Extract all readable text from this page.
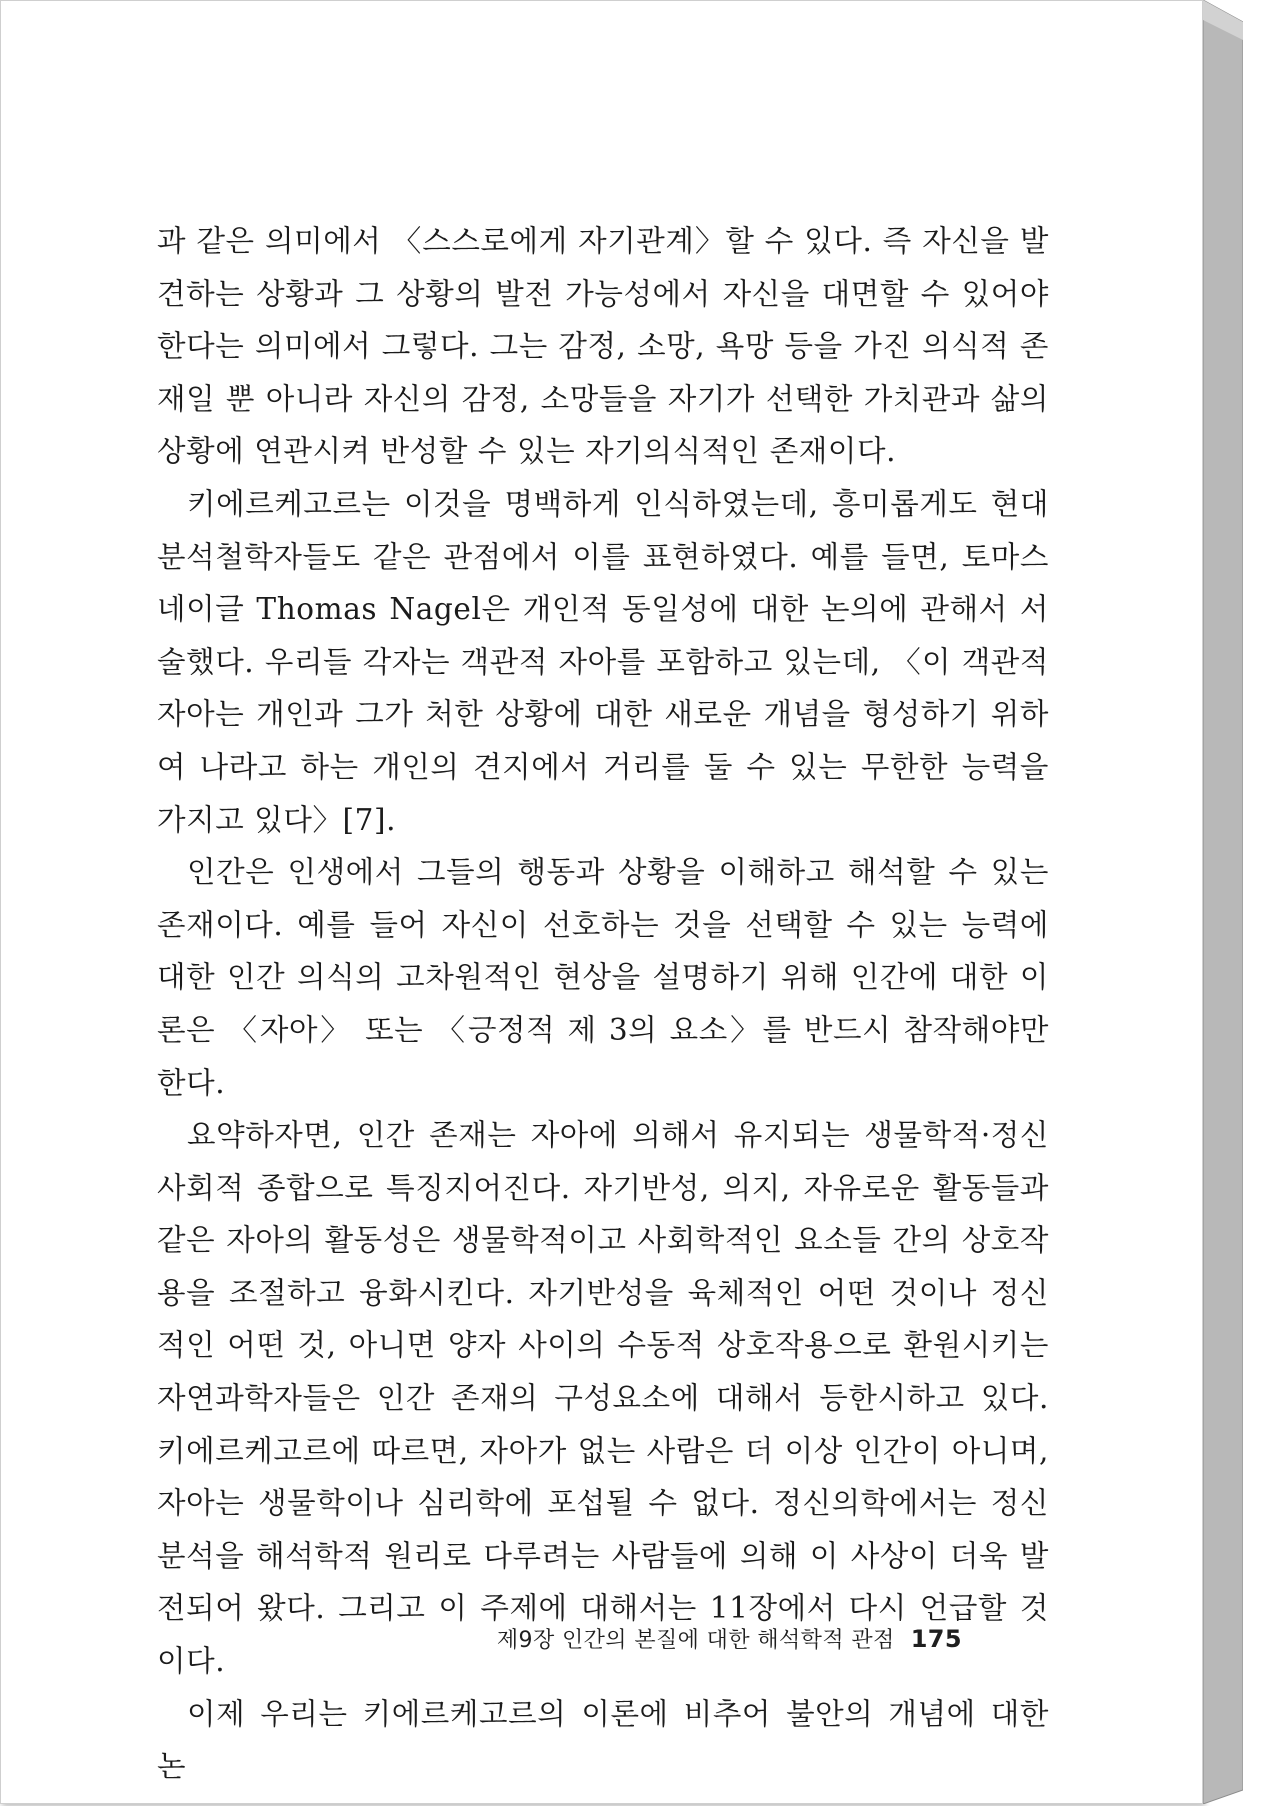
과 같은 의미에서 〈스스로에게 자기관계〉할 수 있다. 즉 자신을 발견하는 상황과 그 상황의 발전 가능성에서 자신을 대면할 수 있어야 한다는 의미에서 그렇다. 그는 감정, 소망, 욕망 등을 가진 의식적 존재일 뿐 아니라 자신의 감정, 소망들을 자기가 선택한 가치관과 삶의 상황에 연관시켜 반성할 수 있는 자기의식적인 존재이다.

키에르케고르는 이것을 명백하게 인식하였는데, 흥미롭게도 현대 분석철학자들도 같은 관점에서 이를 표현하였다. 예를 들면, 토마스 네이글 Thomas Nagel은 개인적 동일성에 대한 논의에 관해서 서술했다. 우리들 각자는 객관적 자아를 포함하고 있는데, 〈이 객관적 자아는 개인과 그가 처한 상황에 대한 새로운 개념을 형성하기 위하여 나라고 하는 개인의 견지에서 거리를 둘 수 있는 무한한 능력을 가지고 있다〉[7].

인간은 인생에서 그들의 행동과 상황을 이해하고 해석할 수 있는 존재이다. 예를 들어 자신이 선호하는 것을 선택할 수 있는 능력에 대한 인간 의식의 고차원적인 현상을 설명하기 위해 인간에 대한 이론은 〈자아〉 또는 〈긍정적 제 3의 요소〉를 반드시 참작해야만 한다.

요약하자면, 인간 존재는 자아에 의해서 유지되는 생물학적·정신사회적 종합으로 특징지어진다. 자기반성, 의지, 자유로운 활동들과 같은 자아의 활동성은 생물학적이고 사회학적인 요소들 간의 상호작용을 조절하고 융화시킨다. 자기반성을 육체적인 어떤 것이나 정신적인 어떤 것, 아니면 양자 사이의 수동적 상호작용으로 환원시키는 자연과학자들은 인간 존재의 구성요소에 대해서 등한시하고 있다. 키에르케고르에 따르면, 자아가 없는 사람은 더 이상 인간이 아니며, 자아는 생물학이나 심리학에 포섭될 수 없다. 정신의학에서는 정신분석을 해석학적 원리로 다루려는 사람들에 의해 이 사상이 더욱 발전되어 왔다. 그리고 이 주제에 대해서는 11장에서 다시 언급할 것이다.

이제 우리는 키에르케고르의 이론에 비추어 불안의 개념에 대한 논

제9장 인간의 본질에 대한 해석학적 관점 175
